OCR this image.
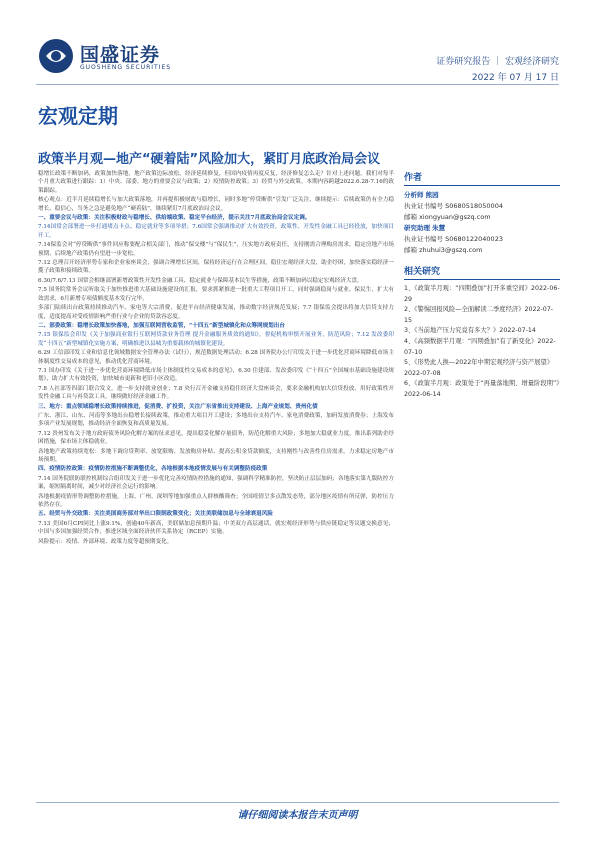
国盛证券
GUOSHENG SECURITIES
证券研究报告 ｜ 宏观经济研究
2022 年 07 月 17 日
宏观定期
政策半月观—地产“硬着陆”风险加大，紧盯月底政治局会议
稳增长政策不断加码，政策加快落地，地产政策边际放松，经济延续修复，但国内疫情再度反复，经济修复怎么走？针对上述问题，我们对每半个月重大政策进行跟踪：1）中央、部委、地方的重要会议与政策；2）疫情防控政策；3）经贸与外交政策。本期内容跨越2022.6.28-7.16的政策跟踪。
核心观点：近半月延续稳增长与加大政策落地，并再提积极财政与稳增长，同时多地“停贷断供”引发广泛关注，继续提示：后续政策仍有全力稳增长、稳信心，当务之急是避免地产“硬着陆”，继续紧盯7月底政治局会议。
一、重要会议与政策：关注积极财政与稳增长、供给端政策、稳定平台经济，提示关注7月底政治局会议定调。
7.14国常会部署进一步打通堵点卡点、稳定就业等多项举措；7.6国常会强调推动扩大有效投资，政策性、开发性金融工具已经投放，加快项目开工。
7.14保监会对“停贷断供”事件回应称要配合相关部门，推动“保交楼”与“保民生”，压实地方政府责任，支持刚需合理购房需求，稳定房地产市场预期，后续地产政策仍有望进一步宽松。
7.12 总理召开经济形势专家和企业家座谈会，强调合理增长区间，保持经济运行在合理区间，稳住宏观经济大盘，助企纾困，加快落实稳经济一揽子政策和接续政策。
6.30/7.6/7.13 国常会相继部署新增政策性开发性金融工具、稳定就业与保障基本民生等措施，政策不断加码以稳定宏观经济大盘。
7.5 国务院常务会议听取关于加快推进重大基础设施建设的汇报，要求抓紧推进一批重大工程项目开工，同时强调稳岗与就业、保民生、扩大有效需求，6月新增专项债额度基本发行完毕。
多部门陆续出台政策持续推动汽车、家电等大宗消费，促进平台经济健康发展，推动数字经济规范发展；7.7 银保监会提出将加大信贷支持力度，适度提高对受疫情影响严重行业与企业的贷款容忍度。
二、部委政策：稳增长政策加快落地，加强互联网营收监管，“十四五”新型城镇化和众筹网规划出台
7.15 银保监会印发《关于加强商业银行互联网贷款业务管理 提升金融服务质效的通知》，督促机构审慎开展业务，防范风险；7.12 发改委印发“十四五”新型城镇化实施方案，明确推进以县城为重要载体的城镇化建设。
6.29 工信部印发工业和信息化领域数据安全管理办法（试行），规范数据处理活动；6.28 国务院办公厅印发关于进一步优化营商环境降低市场主体制度性交易成本的意见，推动优化营商环境。
7.1 国办印发《关于进一步优化营商环境降低市场主体制度性交易成本的意见》，6.30 住建部、发改委印发《“十四五”全国城市基础设施建设规划》，助力扩大有效投资，加快城市更新和老旧小区改造。
7.8 人社部等四部门联合发文，进一步支持就业创业；7.8 央行召开金融支持稳住经济大盘座谈会，要求金融机构加大信贷投放、用好政策性开发性金融工具与再贷款工具，继续做好经济金融工作。
三、地方：重点领域稳增长政策持续推进，促消费、扩投资，关注广东省推出支持建设、上海产业规划、贵州化债
广东、浙江、山东、河南等多地出台稳增长接续政策，推动重大项目开工建设；多地出台支持汽车、家电消费政策，加码发放消费券；上海发布多项产业发展规划，推动经济全面恢复和高质量发展。
7.12 贵州发布关于地方政府债务风险化解方案的征求意见，提出稳妥化解存量债务，防范化解重大风险；多地加大稳就业力度，推出系列助企纾困措施，保市场主体稳就业。
各地地产政策持续宽松：多地下调房贷利率、放宽限购、发放购房补贴、提高公积金贷款额度，支持刚性与改善性住房需求，力求稳定房地产市场预期。
四、疫情防控政策：疫情防控措施不断调整优化，各地根据本地疫情发展与有关调整防疫政策
7.14 国务院联防联控机制综合组印发关于进一步优化完善疫情防控措施的通知，强调科学精准防控，坚决防止层层加码；各地落实第九版防控方案，缩短隔离时间，减少对经济社会运行的影响。
各地根据疫情形势调整防控措施，上海、广州、深圳等地加强重点人群核酸筛查；全国疫情呈多点散发态势，部分地区疫情有所反弹，防控压力依然存在。
五、经贸与外交政策：关注美国商务部对华出口限制政策变化；关注美联储加息与全球衰退风险
7.13 美国6月CPI同比上涨9.1%，创逾40年新高，美联储加息预期升温；中美双方高层通话，就宏观经济形势与供应链稳定等议题交换意见；中国与多国加强经贸合作，推进区域全面经济伙伴关系协定（RCEP）实施。
风险提示：疫情、外部环境、政策力度等超预期变化。
作者
分析师 熊园
执业证书编号 S0680518050004
邮箱 xiongyuan@gszq.com
研究助理 朱慧
执业证书编号 S0680122040023
邮箱 zhuhui3@gszq.com
相关研究
1、《政策半月观：“四期叠加”打开多重空间》2022-06-29
2、《警惕回报风险—全面解读二季度经济》2022-07-15
3、《当前地产压力究竟有多大？》2022-07-14
4、《高频数据半月观：“四期叠加”有了新变化》2022-07-10
5、《形势此人换—2022年中期宏观经济与资产展望》2022-07-08
6、《政策半月观：政策处于“再量落地期、增量阶段期”》2022-06-14
请仔细阅读本报告末页声明
